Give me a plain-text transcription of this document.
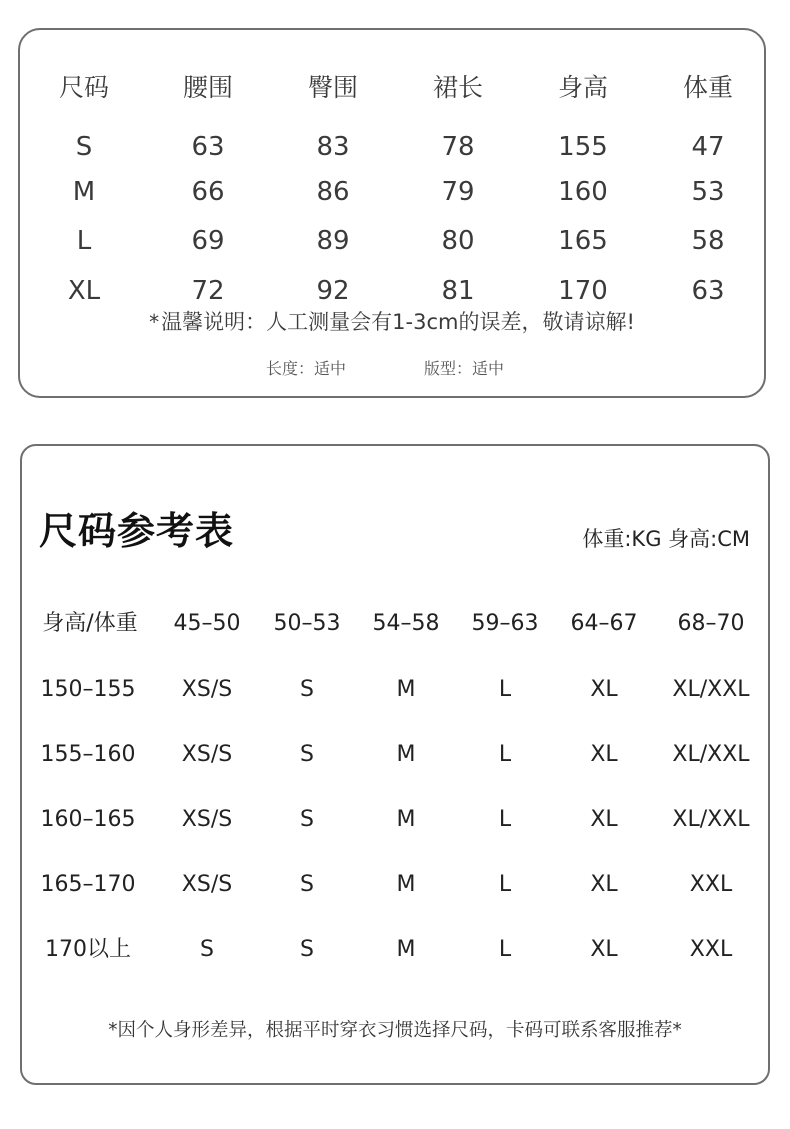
尺码	腰围	臀围	裙长	身高	体重
S	63	83	78	155	47
M	66	86	79	160	53
L	69	89	80	165	58
XL	72	92	81	170	63
*温馨说明：人工测量会有1-3cm的误差，敬请谅解!
长度：适中	版型：适中
尺码参考表	体重:KG 身高:CM
身高/体重	45–50	50–53	54–58	59–63	64–67	68–70
150–155	XS/S	S	M	L	XL	XL/XXL
155–160	XS/S	S	M	L	XL	XL/XXL
160–165	XS/S	S	M	L	XL	XL/XXL
165–170	XS/S	S	M	L	XL	XXL
170以上	S	S	M	L	XL	XXL
*因个人身形差异，根据平时穿衣习惯选择尺码，卡码可联系客服推荐*
